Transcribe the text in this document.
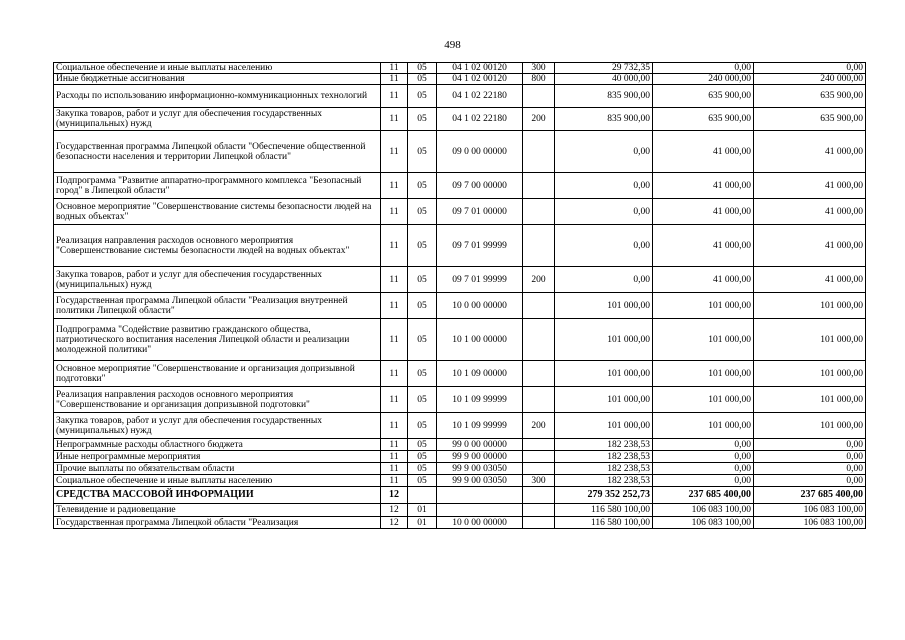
498
Социальное обеспечение и иные выплаты населению	11	05	04 1 02 00120	300	29 732,35	0,00	0,00
Иные бюджетные ассигнования	11	05	04 1 02 00120	800	40 000,00	240 000,00	240 000,00
Расходы по использованию информационно-коммуникационных технологий	11	05	04 1 02 22180		835 900,00	635 900,00	635 900,00
Закупка товаров, работ и услуг для обеспечения государственных (муниципальных) нужд	11	05	04 1 02 22180	200	835 900,00	635 900,00	635 900,00
Государственная программа Липецкой области "Обеспечение общественной безопасности населения и территории Липецкой области"	11	05	09 0 00 00000		0,00	41 000,00	41 000,00
Подпрограмма "Развитие аппаратно-программного комплекса "Безопасный город" в Липецкой области"	11	05	09 7 00 00000		0,00	41 000,00	41 000,00
Основное мероприятие "Совершенствование системы безопасности людей на водных объектах"	11	05	09 7 01 00000		0,00	41 000,00	41 000,00
Реализация направления расходов основного мероприятия "Совершенствование системы безопасности людей на водных объектах"	11	05	09 7 01 99999		0,00	41 000,00	41 000,00
Закупка товаров, работ и услуг для обеспечения государственных (муниципальных) нужд	11	05	09 7 01 99999	200	0,00	41 000,00	41 000,00
Государственная программа Липецкой области "Реализация внутренней политики Липецкой области"	11	05	10 0 00 00000		101 000,00	101 000,00	101 000,00
Подпрограмма "Содействие развитию гражданского общества, патриотического воспитания населения Липецкой области и реализации молодежной политики"	11	05	10 1 00 00000		101 000,00	101 000,00	101 000,00
Основное мероприятие "Совершенствование и организация допризывной подготовки"	11	05	10 1 09 00000		101 000,00	101 000,00	101 000,00
Реализация направления расходов основного мероприятия "Совершенствование и организация допризывной подготовки"	11	05	10 1 09 99999		101 000,00	101 000,00	101 000,00
Закупка товаров, работ и услуг для обеспечения государственных (муниципальных) нужд	11	05	10 1 09 99999	200	101 000,00	101 000,00	101 000,00
Непрограммные расходы областного бюджета	11	05	99 0 00 00000		182 238,53	0,00	0,00
Иные непрограммные мероприятия	11	05	99 9 00 00000		182 238,53	0,00	0,00
Прочие выплаты по обязательствам области	11	05	99 9 00 03050		182 238,53	0,00	0,00
Социальное обеспечение и иные выплаты населению	11	05	99 9 00 03050	300	182 238,53	0,00	0,00
СРЕДСТВА МАССОВОЙ ИНФОРМАЦИИ	12				279 352 252,73	237 685 400,00	237 685 400,00
Телевидение и радиовещание	12	01			116 580 100,00	106 083 100,00	106 083 100,00
Государственная программа Липецкой области "Реализация	12	01	10 0 00 00000		116 580 100,00	106 083 100,00	106 083 100,00
